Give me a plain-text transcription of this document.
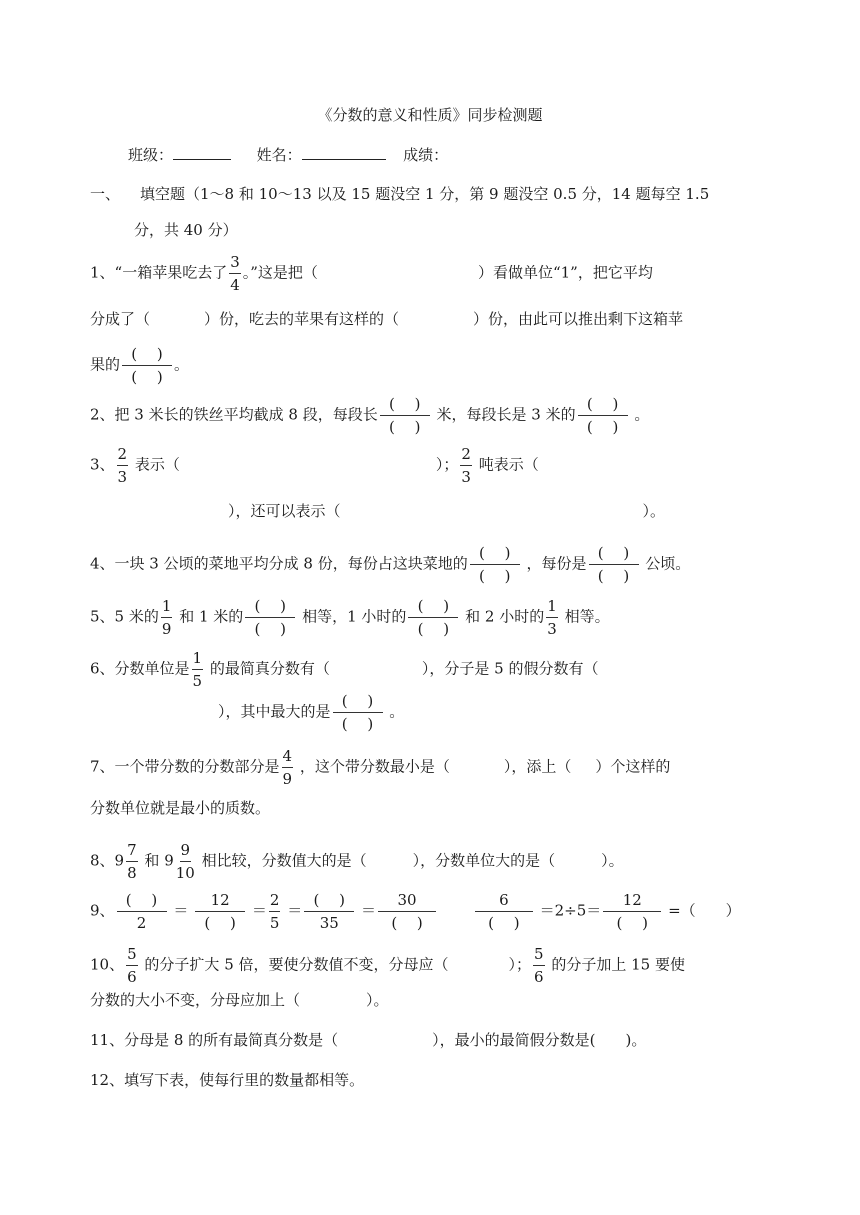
《分数的意义和性质》同步检测题
班级：	姓名：	成绩：
一、 填空题（1～8 和 10～13 以及 15 题没空 1 分，第 9 题没空 0.5 分，14 题每空 1.5
分，共 40 分）
1、“一箱苹果吃去了 $\frac{3}{4}$ 。”这是把（	）看做单位“1”，把它平均
分成了（	）份，吃去的苹果有这样的（	）份，由此可以推出剩下这箱苹
果的 $\frac{( )}{( )}$ 。
2、把 3 米长的铁丝平均截成 8 段，每段长 $\frac{( )}{( )}$ 米，每段长是 3 米的 $\frac{( )}{( )}$ 。
3、 $\frac{2}{3}$ 表示（	）； $\frac{2}{3}$ 吨表示（
），还可以表示（	）。
4、一块 3 公顷的菜地平均分成 8 份，每份占这块菜地的 $\frac{( )}{( )}$ ，每份是 $\frac{( )}{( )}$ 公顷。
5、5 米的 $\frac{1}{9}$ 和 1 米的 $\frac{( )}{( )}$ 相等，1 小时的 $\frac{( )}{( )}$ 和 2 小时的 $\frac{1}{3}$ 相等。
6、分数单位是 $\frac{1}{5}$ 的最简真分数有（	），分子是 5 的假分数有（
），其中最大的是 $\frac{( )}{( )}$ 。
7、一个带分数的分数部分是 $\frac{4}{9}$ ，这个带分数最小是（	），添上（ ）个这样的
分数单位就是最小的质数。
8、$9 \frac{7}{8}$ 和 $9 \frac{9}{10}$ 相比较，分数值大的是（	），分数单位大的是（	）。
9、 $\frac{( )}{2} = \frac{12}{( )} = \frac{2}{5} = \frac{( )}{35} = \frac{30}{( )}$
	$\frac{6}{( )} =2\div 5= \frac{12}{( )}$ =（　　）
10、 $\frac{5}{6}$ 的分子扩大 5 倍，要使分数值不变，分母应（	）； $\frac{5}{6}$ 的分子加上 15 要使
分数的大小不变，分母应加上（	）。
11、分母是 8 的所有最简真分数是（	），最小的最简假分数是( )。
12、填写下表，使每行里的数量都相等。
